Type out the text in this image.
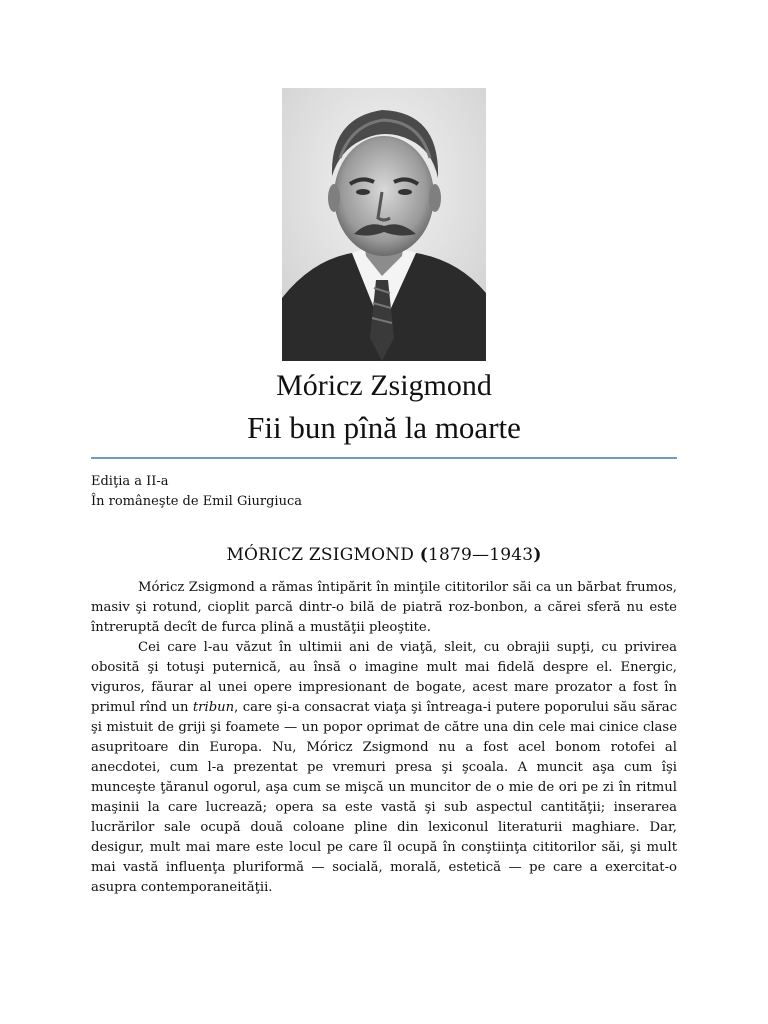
Móricz Zsigmond
Fii bun pînă la moarte
Ediţia a II-a
În româneşte de Emil Giurgiuca
MÓRICZ ZSIGMOND (1879—1943)

Móricz Zsigmond a rămas întipărit în minţile cititorilor săi ca un bărbat frumos, masiv şi rotund, cioplit parcă dintr-o bilă de piatră roz-bonbon, a cărei sferă nu este întreruptă decît de furca plină a mustăţii pleoştite.

Cei care l-au văzut în ultimii ani de viaţă, sleit, cu obrajii supţi, cu privirea obosită şi totuşi puternică, au însă o imagine mult mai fidelă despre el. Energic, viguros, făurar al unei opere impresionant de bogate, acest mare prozator a fost în primul rînd un tribun, care şi-a consacrat viaţa şi întreaga-i putere poporului său sărac şi mistuit de griji şi foamete — un popor oprimat de către una din cele mai cinice clase asupritoare din Europa. Nu, Móricz Zsigmond nu a fost acel bonom rotofei al anecdotei, cum l-a prezentat pe vremuri presa şi şcoala. A muncit aşa cum îşi munceşte ţăranul ogorul, aşa cum se mişcă un muncitor de o mie de ori pe zi în ritmul maşinii la care lucrează; opera sa este vastă şi sub aspectul cantităţii; inserarea lucrărilor sale ocupă două coloane pline din lexiconul literaturii maghiare. Dar, desigur, mult mai mare este locul pe care îl ocupă în conştiinţa cititorilor săi, şi mult mai vastă influenţa pluriformă — socială, morală, estetică — pe care a exercitat-o asupra contemporaneităţii.
